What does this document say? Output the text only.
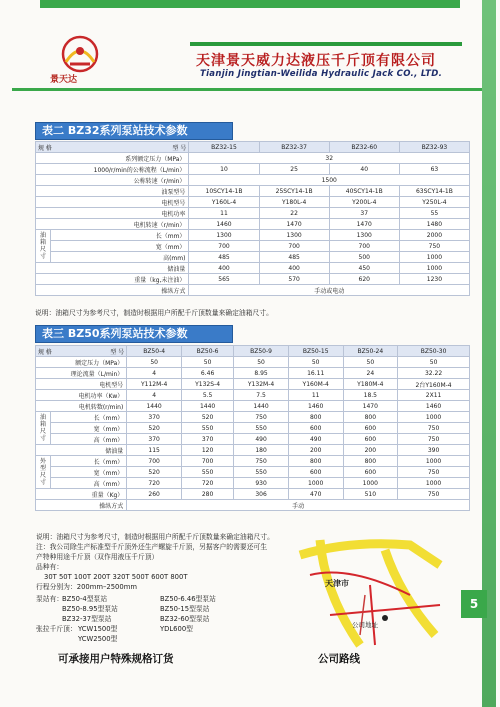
景天达
天津景天威力达液压千斤顶有限公司
Tianjin Jingtian-Weilida Hydraulic Jack CO., LTD.
表二 BZ32系列泵站技术参数
规 格 型 号		BZ32-15	BZ32-37	BZ32-60	BZ32-93
系列额定压力（MPa）		32			
1000/r/min的公称流程（L/min）		10	25	40	63
公称转速（r/min）		1500			
油泵型号		10SCY14-1B	25SCY14-1B	40SCY14-1B	63SCY14-1B
电机型号		Y160L-4	Y180L-4	Y200L-4	Y250L-4
电机功率		11	22	37	55
电机转速（r/min）		1460	1470	1470	1480
油箱尺寸	长（mm）	1300	1300	1300	2000
	宽（mm）	700	700	700	750
	高(mm)	485	485	500	1000
储油量		400	400	450	1000
重量（kg,未注油）		565	570	620	1230
操纵方式		手动或电动			
说明：油箱尺寸为参考尺寸，制造时根据用户所配千斤顶数量来确定油箱尺寸。
表三 BZ50系列泵站技术参数
规 格 型 号		BZ50-4	BZ50-6	BZ50-9	BZ50-15	BZ50-24	BZ50-30
额定压力（MPa）		50	50	50	50	50	50
理论流量（L/min）		4	6.46	8.95	16.11	24	32.22
电机型号		Y112M-4	Y132S-4	Y132M-4	Y160M-4	Y180M-4	2台Y160M-4
电机功率（Kw）		4	5.5	7.5	11	18.5	2X11
电机转数(r/min)		1440	1440	1440	1460	1470	1460
油箱尺寸	长（mm）	370	520	750	800	800	1000
	宽（mm）	520	550	550	600	600	750
	高（mm）	370	370	490	490	600	750
储油量		115	120	180	200	200	390
外型尺寸	长（mm）	700	700	750	800	800	1000
	宽（mm）	520	550	550	600	600	750
	高（mm）	720	720	930	1000	1000	1000
重量（Kg）		260	280	306	470	510	750
操纵方式		手动					
说明：油箱尺寸为参考尺寸，制造时根据用户所配千斤顶数量来确定油箱尺寸。
注：我公司除生产标准型千斤顶外还生产螺旋千斤顶，另据客户的需要还可生
产特种用途千斤顶（双作用液压千斤顶）
品种有：
30T 50T 100T 200T 320T 500T 600T 800T
行程分别为：200mm–2500mm
泵站有：
BZ50-4型泵站
BZ50-8.95型泵站
BZ32-37型泵站
BZ50-6.46型泵站
BZ50-15型泵站
BZ32-60型泵站
张拉千斤顶： YCW1500型
YCW2500型
YDL600型
可承接用户特殊规格订货
天津市
公司地址
公司路线
5
